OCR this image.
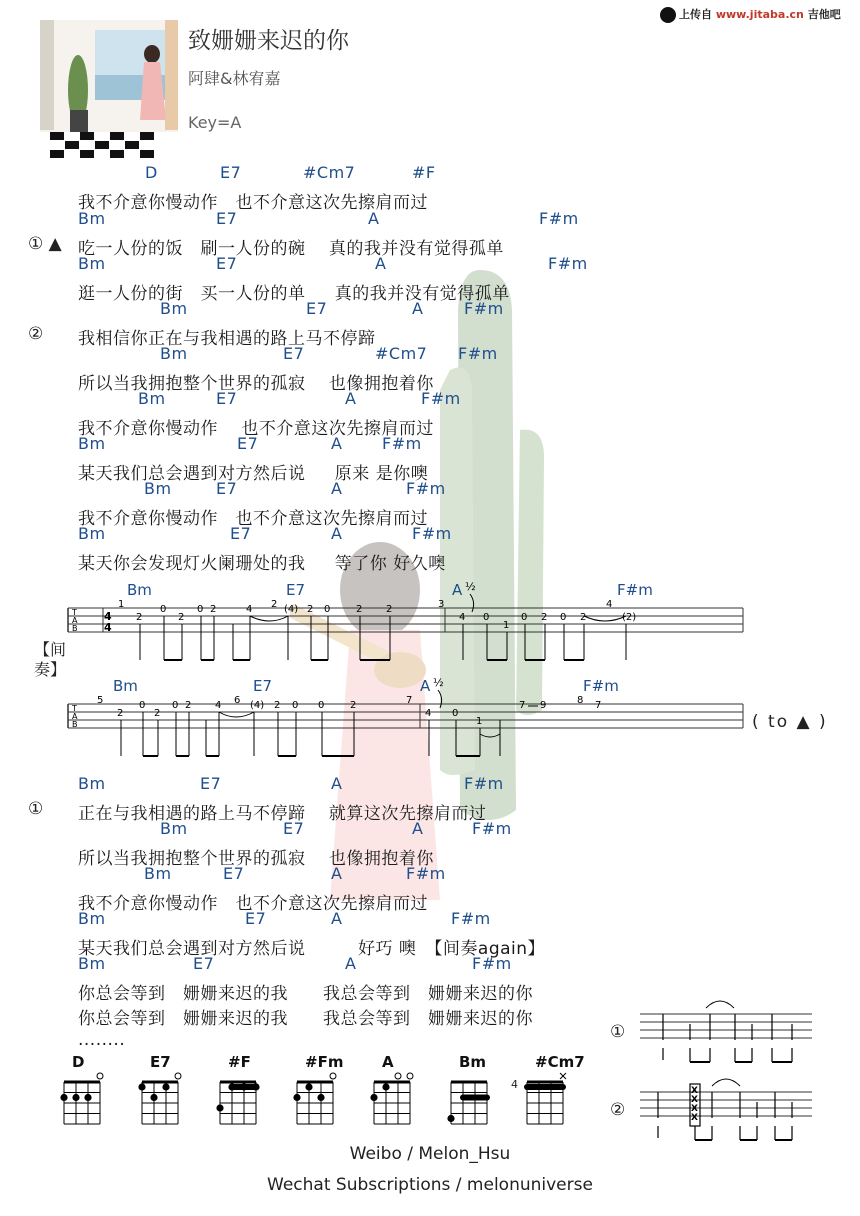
致姗姗来迟的你
阿肆&林宥嘉
Key=A
上传自 www.jitaba.cn 吉他吧
D	E7	#Cm7	#F
我不介意你慢动作　也不介意这次先擦肩而过
Bm	E7	A	F#m
① ▲ 吃一人份的饭　刷一人份的碗　 真的我并没有觉得孤单
Bm	E7	A	F#m
逛一人份的街　买一人份的单 　 真的我并没有觉得孤单
Bm	E7	A	F#m
② 我相信你正在与我相遇的路上马不停蹄
Bm	E7	#Cm7 F#m
所以当我拥抱整个世界的孤寂 　也像拥抱着你
Bm	E7	A	F#m
我不介意你慢动作　 也不介意这次先擦肩而过
Bm	E7	A F#m
某天我们总会遇到对方然后说 　 原来 是你噢
Bm	E7	A	F#m
我不介意你慢动作　也不介意这次先擦肩而过
Bm	E7	A	F#m
某天你会发现灯火阑珊处的我 　 等了你 好久噢
Bm	E7	A	F#m
① 正在与我相遇的路上马不停蹄 　就算这次先擦肩而过
Bm	E7	A	F#m
所以当我拥抱整个世界的孤寂 　也像拥抱着你
Bm	E7	A	F#m
我不介意你慢动作　也不介意这次先擦肩而过
Bm	E7	A	F#m
某天我们总会遇到对方然后说　　　好巧 噢　【间奏again】
Bm	E7	A	F#m
你总会等到　姗姗来迟的我　　我总会等到　姗姗来迟的你
你总会等到　姗姗来迟的我　　我总会等到　姗姗来迟的你
........
【间奏】
( to ▲ )
T
A
B
4
4
Bm	E7	A	F#m
½
1
2
0
2
0 2	4 2 (4) 2 0	2 2	3
4 0
1
0 2 0 2
4
(2)
T
A
B
Bm	E7	A	F#m
½
5
2
0
2
0 2 4 6 (4) 2 0 0	2	7
4 0
1
7 9	8 7
①
②
X
X
X
X
D	E7	#F	#Fm	A	Bm	#Cm7
4
Weibo / Melon_Hsu
Wechat Subscriptions / melonuniverse
